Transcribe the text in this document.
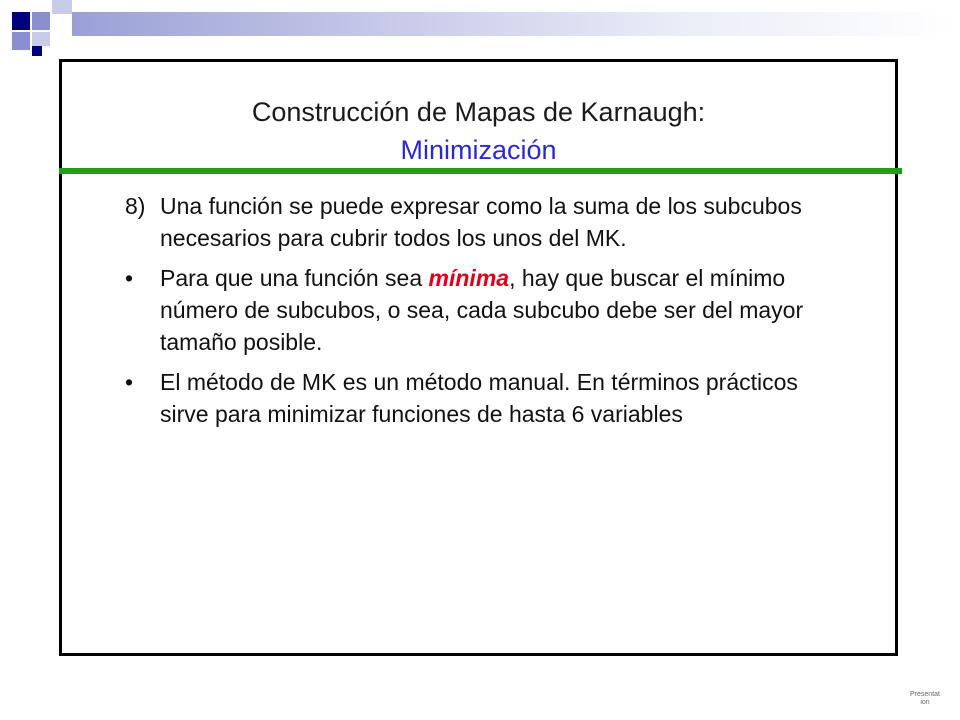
Construcción de Mapas de Karnaugh:
Minimización
8) Una función se puede expresar como la suma de los subcubos necesarios para cubrir todos los unos del MK.
• Para que una función sea mínima, hay que buscar el mínimo número de subcubos, o sea, cada subcubo debe ser del mayor tamaño posible.
• El método de MK es un método manual. En términos prácticos sirve para minimizar funciones de hasta 6 variables
Presentat ion
